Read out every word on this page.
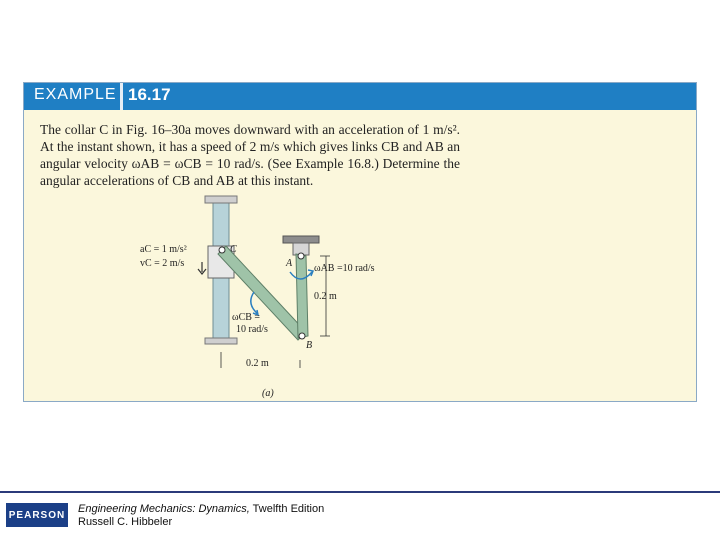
EXAMPLE 16.17

The collar C in Fig. 16–30a moves downward with an acceleration of 1 m/s². At the instant shown, it has a speed of 2 m/s which gives links CB and AB an angular velocity ωAB = ωCB = 10 rad/s. (See Example 16.8.) Determine the angular accelerations of CB and AB at this instant.

C
A
B
aC = 1 m/s²
vC = 2 m/s	ωAB =10 rad/s
0.2 m
ωCB =
10 rad/s
0.2 m
(a)
PEARSON Engineering Mechanics: Dynamics, Twelfth Edition
Russell C. Hibbeler
